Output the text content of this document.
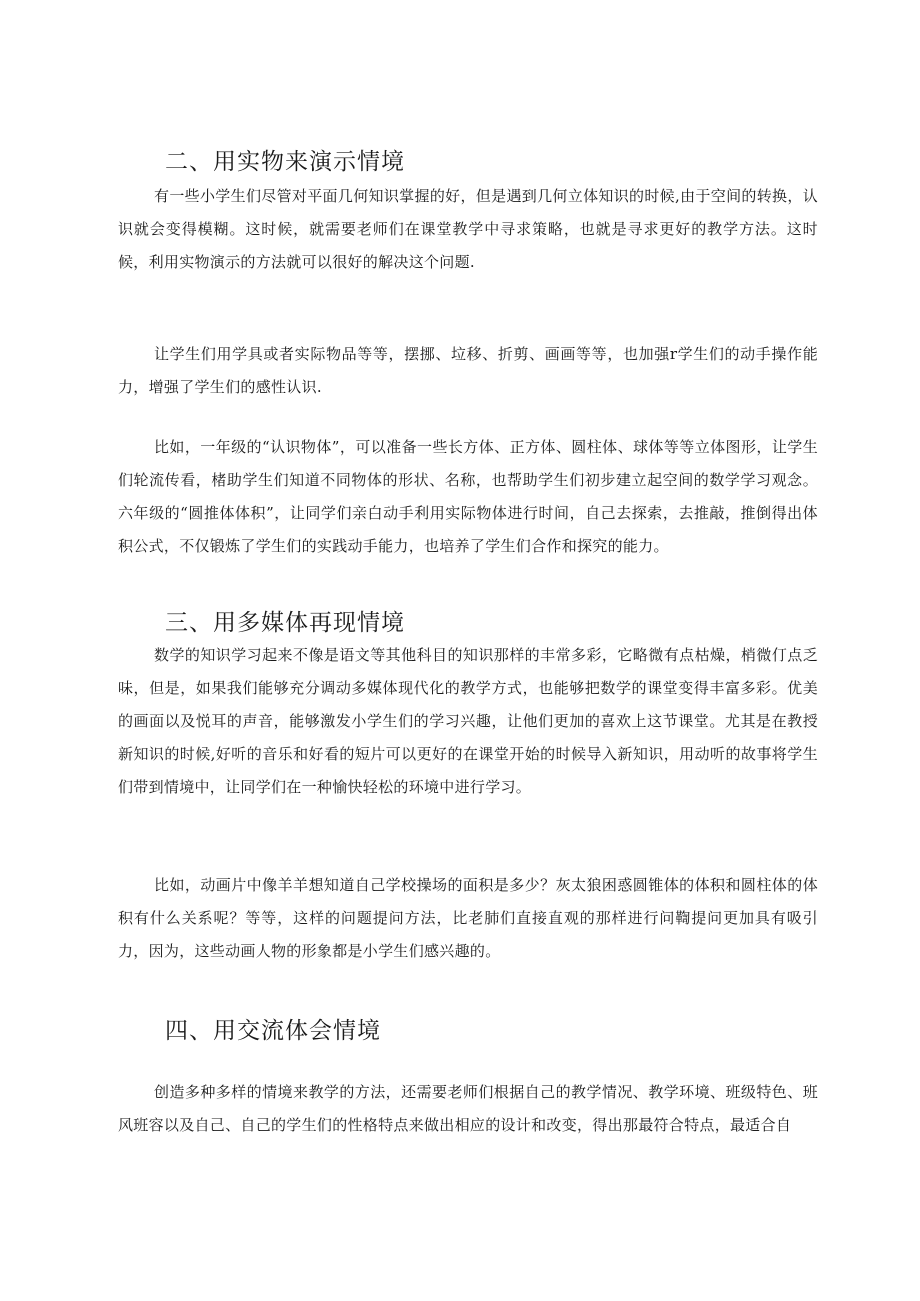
二、用实物来演示情境

有一些小学生们尽管对平面几何知识掌握的好，但是遇到几何立体知识的时候,由于空间的转换，认识就会变得模糊。这时候，就需要老师们在课堂教学中寻求策略，也就是寻求更好的教学方法。这时候，利用实物演示的方法就可以很好的解决这个问题.

让学生们用学具或者实际物品等等，摆挪、垃移、折剪、画画等等，也加强r学生们的动手操作能力，增强了学生们的感性认识.

比如，一年级的“认识物体”，可以准备一些长方体、正方体、圆柱体、球体等等立体图形，让学生们轮流传看，楮助学生们知道不同物体的形状、名称，也帮助学生们初步建立起空间的数学学习观念。六年级的“圆推体体积”，让同学们亲白动手利用实际物体进行时间，自己去探索，去推敲，推倒得出体积公式，不仅锻炼了学生们的实践动手能力，也培养了学生们合作和探究的能力。

三、用多媒体再现情境

数学的知识学习起来不像是语文等其他科目的知识那样的丰常多彩，它略微有点枯燥，梢微仃点乏味，但是，如果我们能够充分调动多媒体现代化的教学方式，也能够把数学的课堂变得丰富多彩。优美的画面以及悦耳的声音，能够激发小学生们的学习兴趣，让他们更加的喜欢上这节课堂。尤其是在教授新知识的时候,好听的音乐和好看的短片可以更好的在课堂开始的时候导入新知识，用动听的故事将学生们带到情境中，让同学们在一种愉快轻松的环境中进行学习。

比如，动画片中像羊羊想知道自己学校操场的面积是多少？灰太狼困惑圆锥体的体积和圆柱体的体积有什么关系呢？等等，这样的问题提问方法，比老肺们直接直观的那样进行问鞫提问更加具有吸引力，因为，这些动画人物的形象都是小学生们感兴趣的。

四、用交流体会情境

创造多种多样的情境来教学的方法，还需要老师们根据自己的教学情况、教学环境、班级特色、班风班容以及自己、自己的学生们的性格特点来做出相应的设计和改变，得出那最符合特点，最适合自
